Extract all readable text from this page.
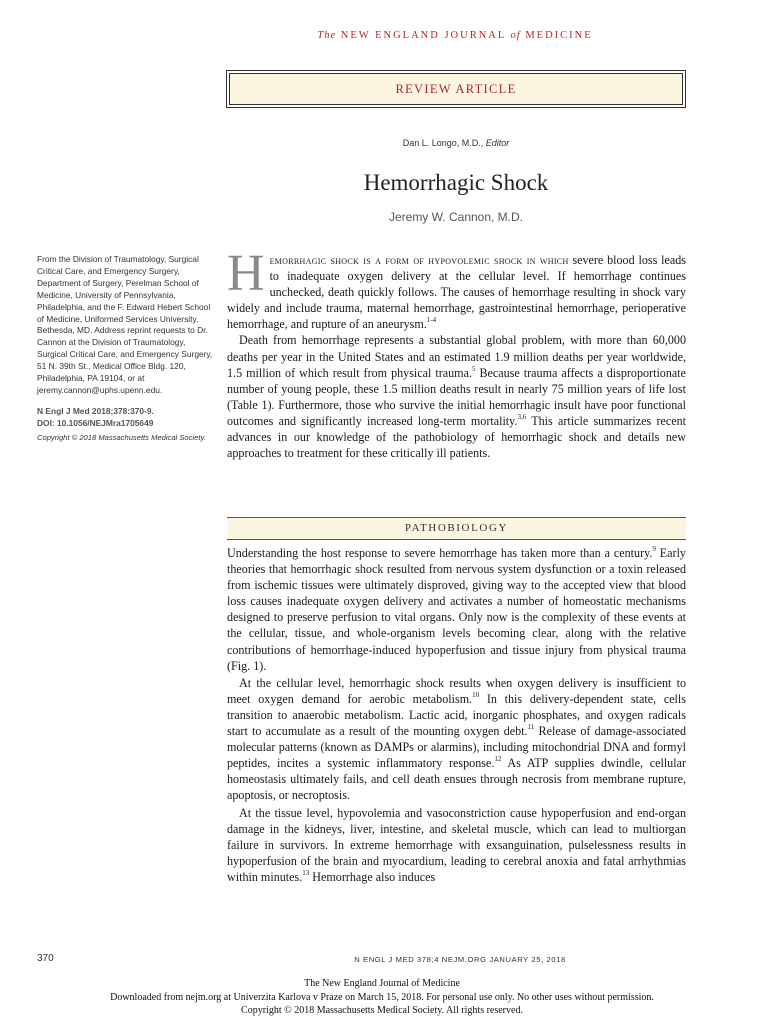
The NEW ENGLAND JOURNAL of MEDICINE
REVIEW ARTICLE
Dan L. Longo, M.D., Editor
Hemorrhagic Shock
Jeremy W. Cannon, M.D.

From the Division of Traumatology, Surgical Critical Care, and Emergency Surgery, Department of Surgery, Perelman School of Medicine, University of Pennsylvania, Philadelphia, and the F. Edward Hebert School of Medicine, Uniformed Services University, Bethesda, MD. Address reprint requests to Dr. Cannon at the Division of Traumatology, Surgical Critical Care, and Emergency Surgery, 51 N. 39th St., Medical Office Bldg. 120, Philadelphia, PA 19104, or at jeremy.cannon@uphs.upenn.edu.

N Engl J Med 2018;378:370-9.

DOI: 10.1056/NEJMra1705649

Copyright © 2018 Massachusetts Medical Society.

Hemorrhagic shock is a form of hypovolemic shock in which severe blood loss leads to inadequate oxygen delivery at the cellular level. If hemorrhage continues unchecked, death quickly follows. The causes of hemorrhage resulting in shock vary widely and include trauma, maternal hemorrhage, gastrointestinal hemorrhage, perioperative hemorrhage, and rupture of an aneurysm.$^{1-4}$

Death from hemorrhage represents a substantial global problem, with more than 60,000 deaths per year in the United States and an estimated 1.9 million deaths per year worldwide, 1.5 million of which result from physical trauma.$^5$ Because trauma affects a disproportionate number of young people, these 1.5 million deaths result in nearly 75 million years of life lost (Table 1). Furthermore, those who survive the initial hemorrhagic insult have poor functional outcomes and significantly increased long-term mortality.$^{3,6}$ This article summarizes recent advances in our knowledge of the pathobiology of hemorrhagic shock and details new approaches to treatment for these critically ill patients.

PATHOBIOLOGY

Understanding the host response to severe hemorrhage has taken more than a century.$^9$ Early theories that hemorrhagic shock resulted from nervous system dysfunction or a toxin released from ischemic tissues were ultimately disproved, giving way to the accepted view that blood loss causes inadequate oxygen delivery and activates a number of homeostatic mechanisms designed to preserve perfusion to vital organs. Only now is the complexity of these events at the cellular, tissue, and whole-organism levels becoming clear, along with the relative contributions of hemorrhage-induced hypoperfusion and tissue injury from physical trauma (Fig. 1).

At the cellular level, hemorrhagic shock results when oxygen delivery is insufficient to meet oxygen demand for aerobic metabolism.$^{10}$ In this delivery-dependent state, cells transition to anaerobic metabolism. Lactic acid, inorganic phosphates, and oxygen radicals start to accumulate as a result of the mounting oxygen debt.$^{11}$ Release of damage-associated molecular patterns (known as DAMPs or alarmins), including mitochondrial DNA and formyl peptides, incites a systemic inflammatory response.$^{12}$ As ATP supplies dwindle, cellular homeostasis ultimately fails, and cell death ensues through necrosis from membrane rupture, apoptosis, or necroptosis.

At the tissue level, hypovolemia and vasoconstriction cause hypoperfusion and end-organ damage in the kidneys, liver, intestine, and skeletal muscle, which can lead to multiorgan failure in survivors. In extreme hemorrhage with exsanguination, pulselessness results in hypoperfusion of the brain and myocardium, leading to cerebral anoxia and fatal arrhythmias within minutes.$^{13}$ Hemorrhage also induces

370	N ENGL J MED 378;4 NEJM.ORG JANUARY 25, 2018
The New England Journal of Medicine
Downloaded from nejm.org at Univerzita Karlova v Praze on March 15, 2018. For personal use only. No other uses without permission.
Copyright © 2018 Massachusetts Medical Society. All rights reserved.
